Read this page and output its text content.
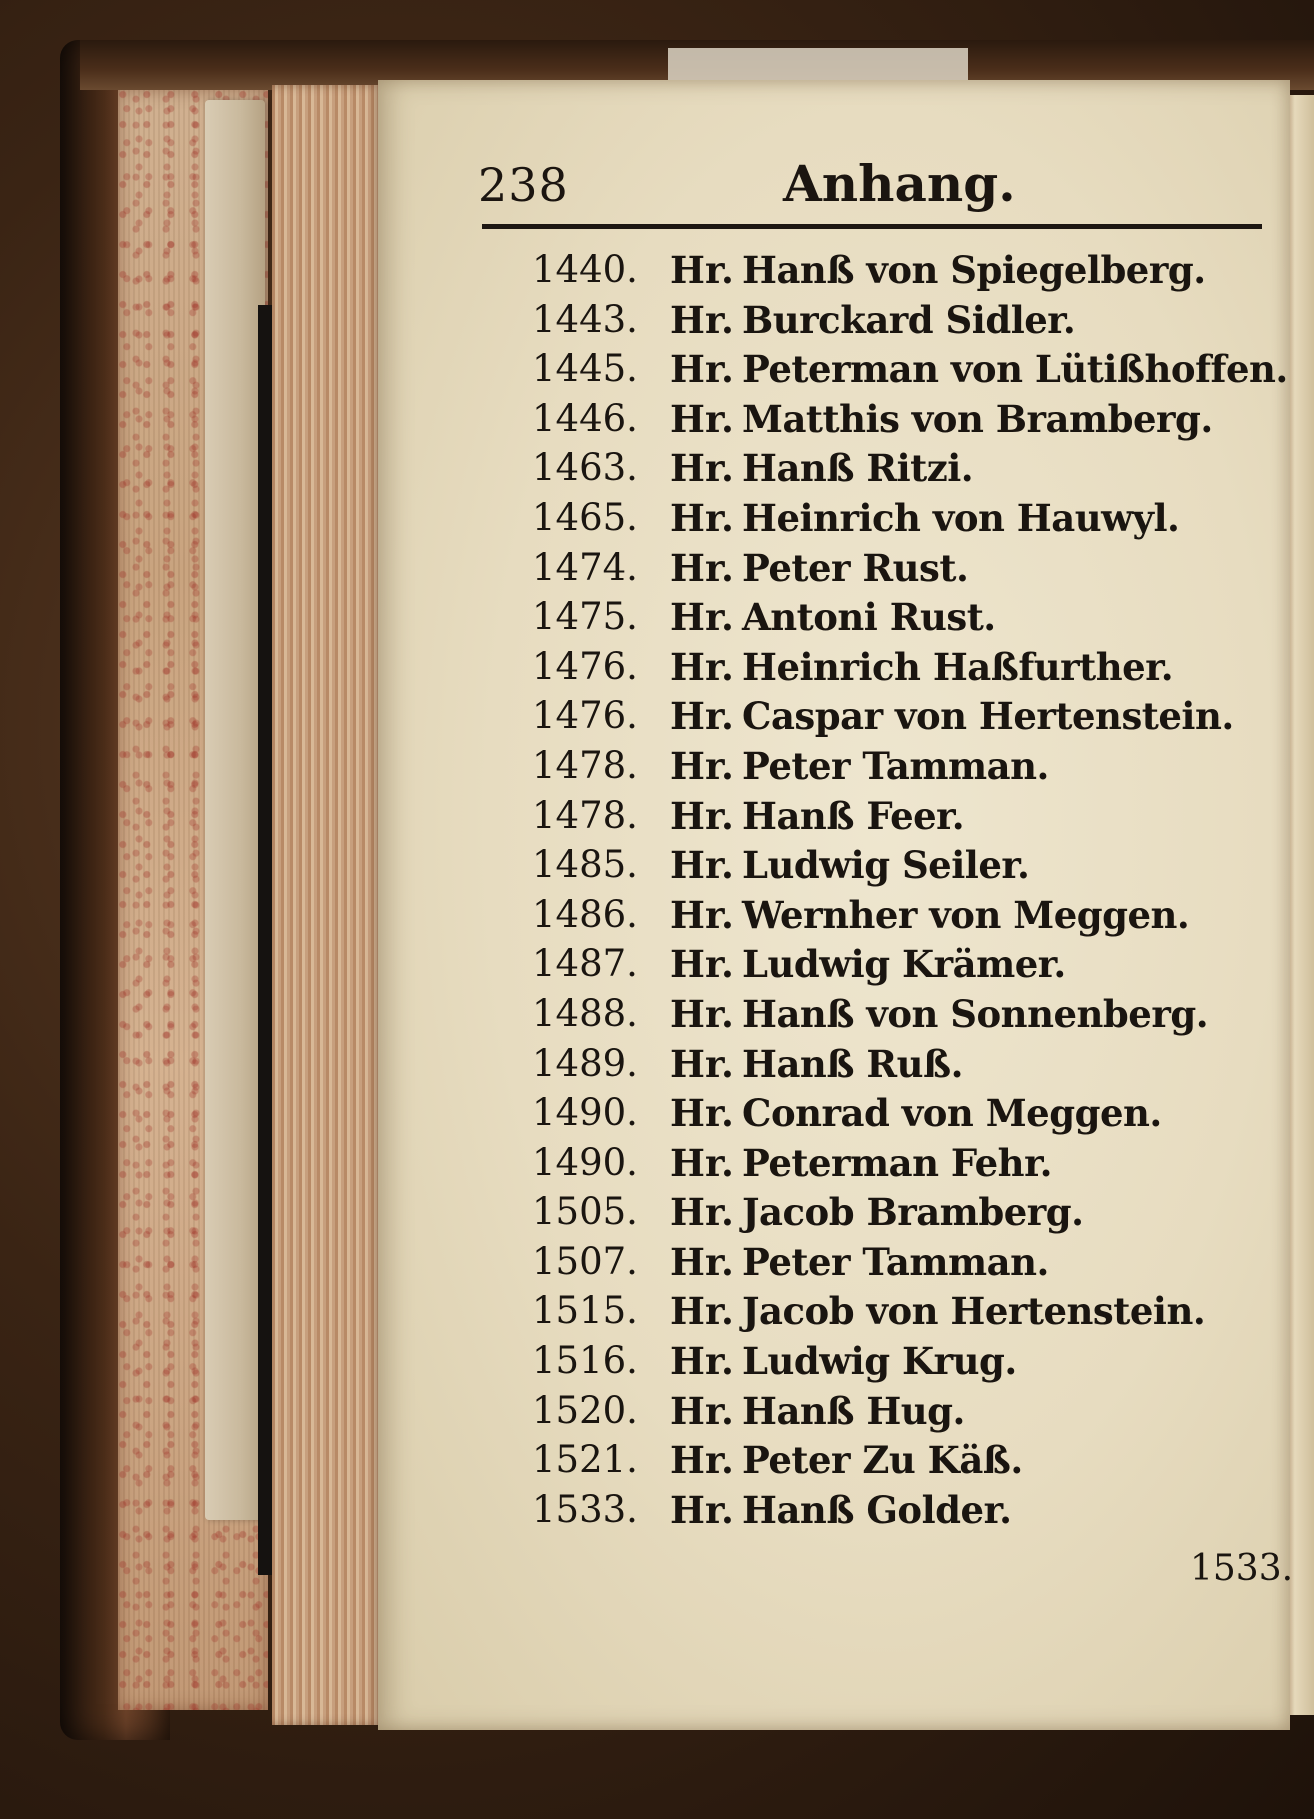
238	Anhang.
1440. Hr. Hanß von Spiegelberg.
1443. Hr. Burckard Sidler.
1445. Hr. Peterman von Lütißhoffen.
1446. Hr. Matthis von Bramberg.
1463. Hr. Hanß Ritzi.
1465. Hr. Heinrich von Hauwyl.
1474. Hr. Peter Rust.
1475. Hr. Antoni Rust.
1476. Hr. Heinrich Haßfurther.
1476. Hr. Caspar von Hertenstein.
1478. Hr. Peter Tamman.
1478. Hr. Hanß Feer.
1485. Hr. Ludwig Seiler.
1486. Hr. Wernher von Meggen.
1487. Hr. Ludwig Krämer.
1488. Hr. Hanß von Sonnenberg.
1489. Hr. Hanß Ruß.
1490. Hr. Conrad von Meggen.
1490. Hr. Peterman Fehr.
1505. Hr. Jacob Bramberg.
1507. Hr. Peter Tamman.
1515. Hr. Jacob von Hertenstein.
1516. Hr. Ludwig Krug.
1520. Hr. Hanß Hug.
1521. Hr. Peter Zu Käß.
1533. Hr. Hanß Golder.
1533.
